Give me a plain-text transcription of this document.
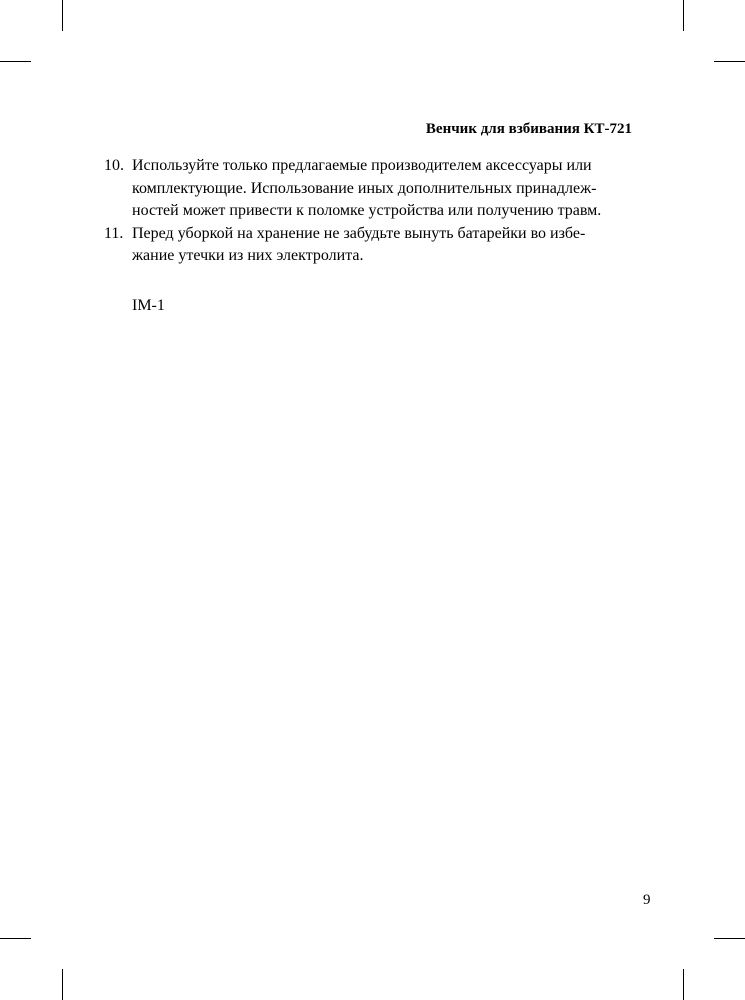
Венчик для взбивания КТ-721
10. Используйте только предлагаемые производителем аксессуары или
комплектующие. Использование иных дополнительных принадлеж-
ностей может привести к поломке устройства или получению травм.
11. Перед уборкой на хранение не забудьте вынуть батарейки во избе-
жание утечки из них электролита.
IM-1
9
